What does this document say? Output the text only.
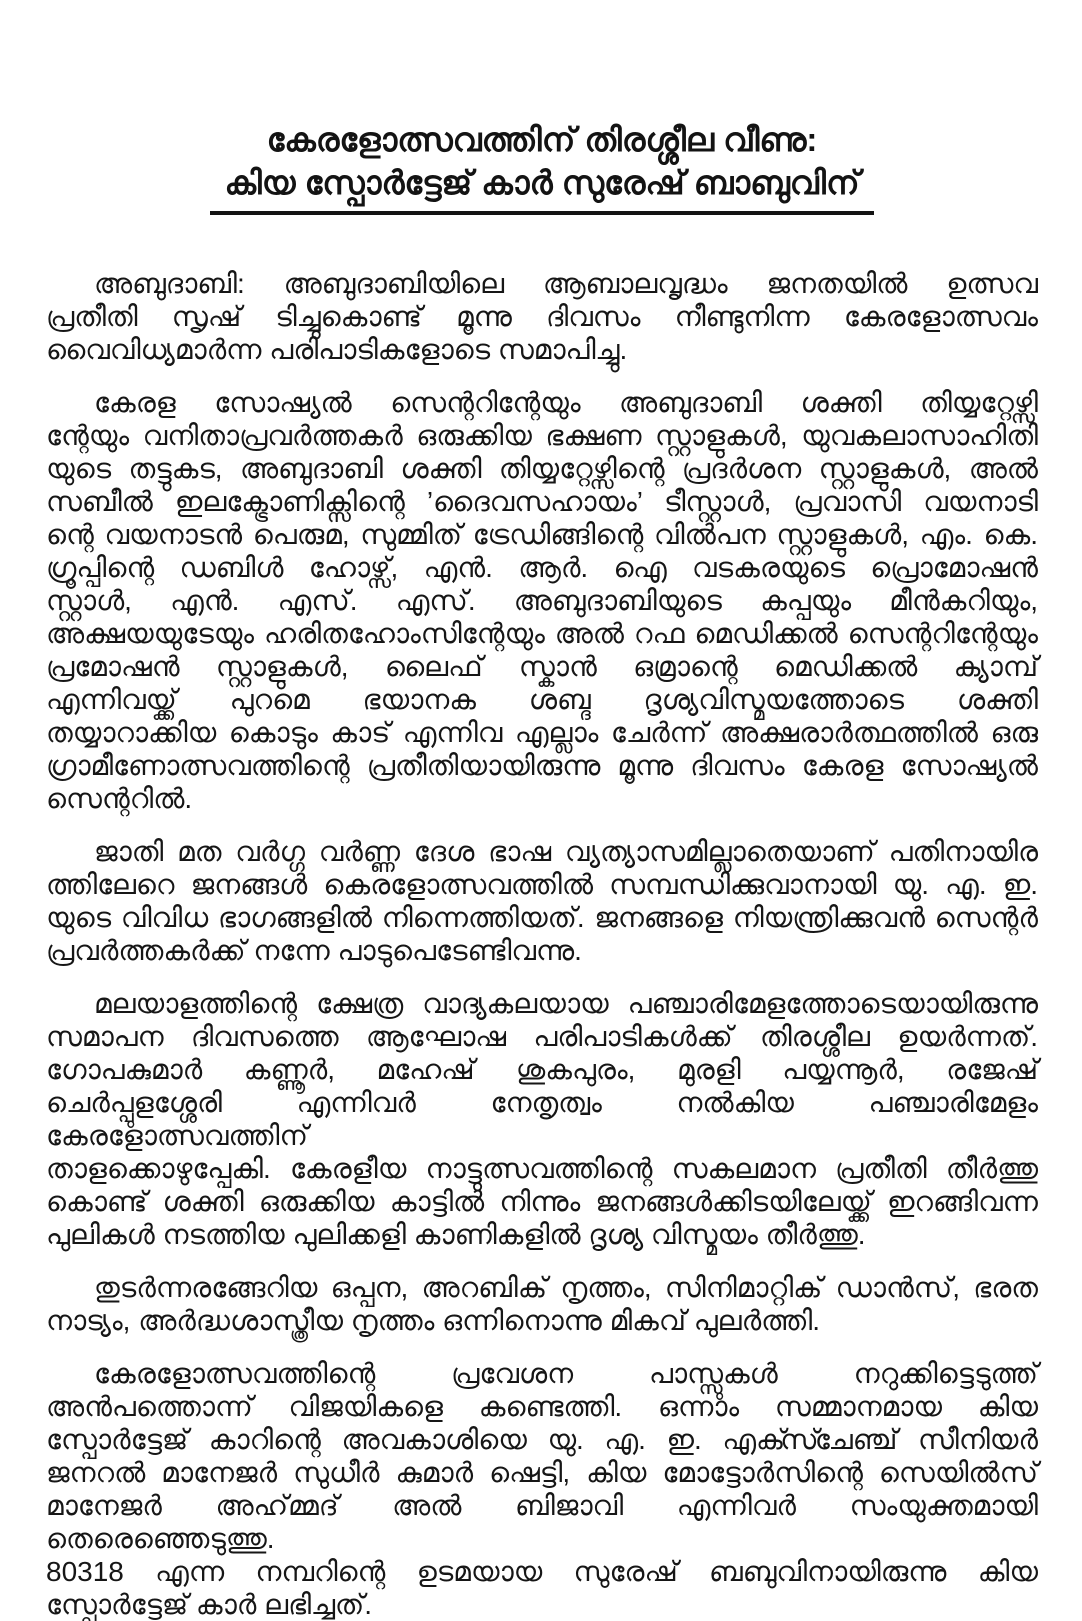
കേരളോത്സവത്തിന് തിരശ്ശീല വീണു:
കിയ സ്പോർട്ടേജ് കാർ സുരേഷ് ബാബുവിന്
അബുദാബി: അബുദാബിയിലെ ആബാലവൃദ്ധം ജനതയിൽ ഉത്സവ
പ്രതീതി സൃഷ് ടിച്ചുകൊണ്ട് മൂന്നു ദിവസം നീണ്ടുനിന്ന കേരളോത്സവം
വൈവിധ്യമാർന്ന പരിപാടികളോടെ സമാപിച്ചു.
കേരള സോഷ്യൽ സെന്ററിന്റേയും അബുദാബി ശക്തി തിയ്യറ്റേഴ്സി
ന്റേയും വനിതാപ്രവർത്തകർ ഒരുക്കിയ ഭക്ഷണ സ്റ്റാളുകൾ, യുവകലാസാഹിതി
യുടെ തട്ടുകട, അബുദാബി ശക്തി തിയ്യറ്റേഴ്സിന്റെ പ്രദർശന സ്റ്റാളുകൾ, അൽ
സബീൽ ഇലക്ട്രോണിക്സിന്റെ ’ദൈവസഹായം’ ടീസ്റ്റാൾ, പ്രവാസി വയനാടി
ന്റെ വയനാടൻ പെരുമ, സുമ്മിത് ട്രേഡിങ്ങിന്റെ വിൽപന സ്റ്റാളുകൾ, എം. കെ.
ഗ്രൂപ്പിന്റെ ഡബിൾ ഹോഴ്സ്, എൻ. ആർ. ഐ വടകരയുടെ പ്രൊമോഷൻ
സ്റ്റാൾ, എൻ. എസ്. എസ്. അബുദാബിയുടെ കപ്പയും മീൻകറിയും,
അക്ഷയയുടേയും ഹരിതഹോംസിന്റേയും അൽ റഫ മെഡിക്കൽ സെന്ററിന്റേയും
പ്രമോഷൻ സ്റ്റാളുകൾ, ലൈഫ് സ്കാൻ ഒമ്രാന്റെ മെഡിക്കൽ ക്യാമ്പ്
എന്നിവയ്ക്ക് പുറമെ ഭയാനക ശബ്ദ ദൃശ്യവിസ്മയത്തോടെ ശക്തി
തയ്യാറാക്കിയ കൊടും കാട് എന്നിവ എല്ലാം ചേർന്ന് അക്ഷരാർത്ഥത്തിൽ ഒരു
ഗ്രാമീണോത്സവത്തിന്റെ പ്രതീതിയായിരുന്നു മൂന്നു ദിവസം കേരള സോഷ്യൽ
സെന്ററിൽ.
ജാതി മത വർഗ്ഗ വർണ്ണ ദേശ ഭാഷ വ്യത്യാസമില്ലാതെയാണ് പതിനായിര
ത്തിലേറെ ജനങ്ങൾ കെരളോത്സവത്തിൽ സമ്പന്ധിക്കുവാനായി യു. എ. ഇ.
യുടെ വിവിധ ഭാഗങ്ങളിൽ നിന്നെത്തിയത്. ജനങ്ങളെ നിയന്ത്രിക്കുവൻ സെന്റർ
പ്രവർത്തകർക്ക് നന്നേ പാടുപെടേണ്ടിവന്നു.
മലയാളത്തിന്റെ ക്ഷേത്ര വാദ്യകലയായ പഞ്ചാരിമേളത്തോടെയായിരുന്നു
സമാപന ദിവസത്തെ ആഘോഷ പരിപാടികൾക്ക് തിരശ്ശീല ഉയർന്നത്.
ഗോപകുമാർ കണ്ണൂർ, മഹേഷ് ശുകപുരം, മുരളി പയ്യന്നൂർ, രജേഷ്
ചെർപ്പുളശ്ശേരി എന്നിവർ നേതൃത്വം നൽകിയ പഞ്ചാരിമേളം കേരളോത്സവത്തിന്
താളക്കൊഴുപ്പേകി. കേരളീയ നാട്ടുത്സവത്തിന്റെ സകലമാന പ്രതീതി തീർത്തു
കൊണ്ട് ശക്തി ഒരുക്കിയ കാട്ടിൽ നിന്നും ജനങ്ങൾക്കിടയിലേയ്ക്ക് ഇറങ്ങിവന്ന
പുലികൾ നടത്തിയ പുലിക്കളി കാണികളിൽ ദൃശ്യ വിസ്മയം തീർത്തു.
തുടർന്നരങ്ങേറിയ ഒപ്പന, അറബിക് നൃത്തം, സിനിമാറ്റിക് ഡാൻസ്, ഭരത
നാട്യം, അർദ്ധശാസ്ത്രീയ നൃത്തം ഒന്നിനൊന്നു മികവ് പുലർത്തി.
കേരളോത്സവത്തിന്റെ പ്രവേശന പാസ്സുകൾ നറുക്കിട്ടെടുത്ത്
അൻപത്തൊന്ന് വിജയികളെ കണ്ടെത്തി. ഒന്നാം സമ്മാനമായ കിയ
സ്പോർട്ടേജ് കാറിന്റെ അവകാശിയെ യു. എ. ഇ. എക്സ്ചേഞ്ച് സീനിയർ
ജനറൽ മാനേജർ സുധീർ കുമാർ ഷെട്ടി, കിയ മോട്ടോർസിന്റെ സെയിൽസ്
മാനേജർ അഹ്മ്മദ് അൽ ബിജാവി എന്നിവർ സംയുക്തമായി തെരെഞ്ഞെടുത്തു.
80318 എന്ന നമ്പറിന്റെ ഉടമയായ സുരേഷ് ബബുവിനായിരുന്നു കിയ
സ്പോർട്ടേജ് കാർ ലഭിച്ചത്.
